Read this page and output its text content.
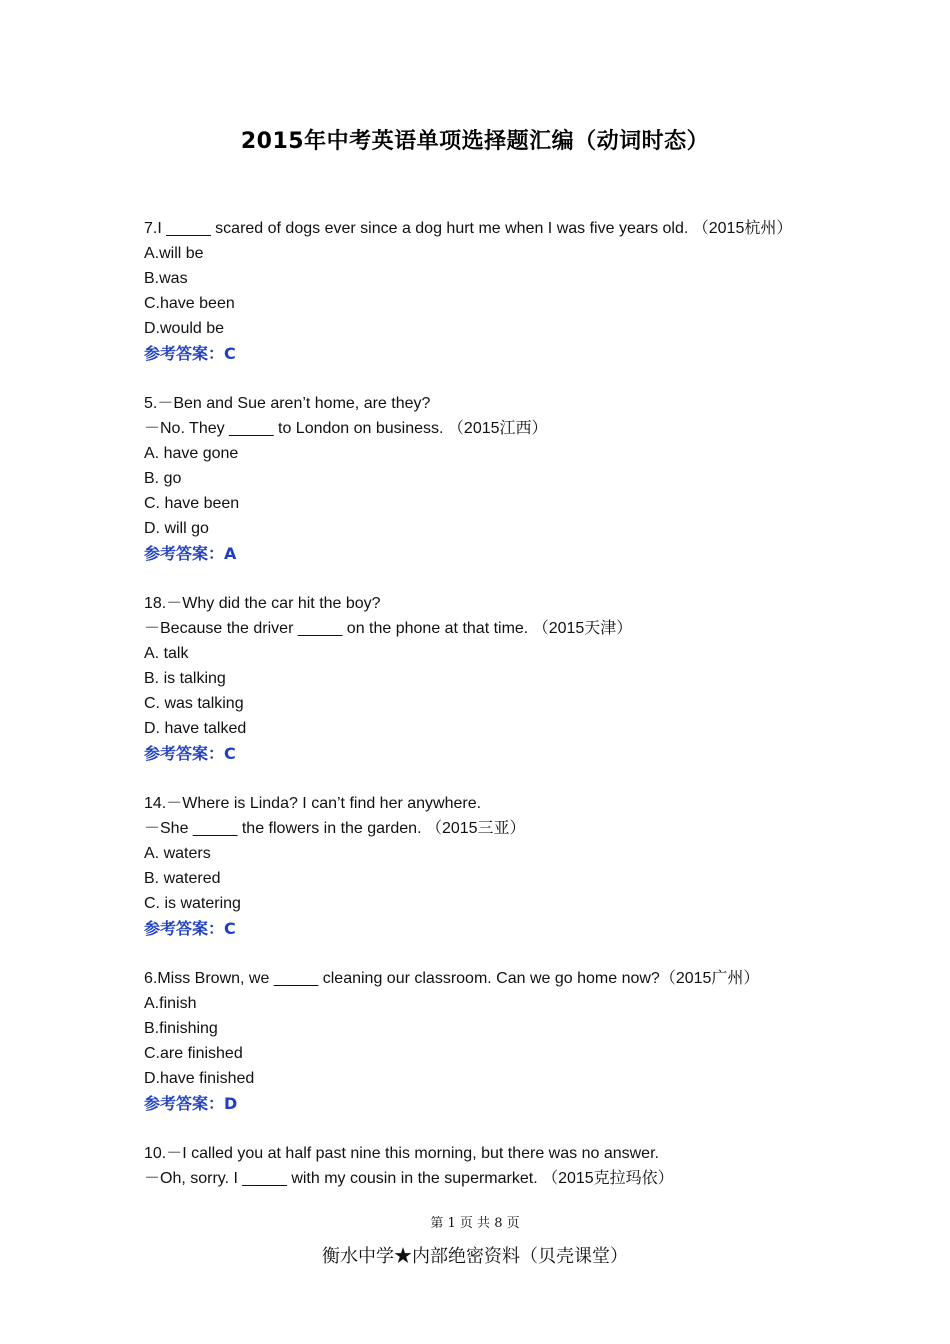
2015年中考英语单项选择题汇编（动词时态）
7.I _____ scared of dogs ever since a dog hurt me when I was five years old. （2015杭州）
A.will be
B.was
C.have been
D.would be
参考答案：C
5.－Ben and Sue aren’t home, are they?
－No. They _____ to London on business. （2015江西）
A. have gone
B. go
C. have been
D. will go
参考答案：A
18.－Why did the car hit the boy?
－Because the driver _____ on the phone at that time. （2015天津）
A. talk
B. is talking
C. was talking
D. have talked
参考答案：C
14.－Where is Linda? I can’t find her anywhere.
－She _____ the flowers in the garden. （2015三亚）
A. waters
B. watered
C. is watering
参考答案：C
6.Miss Brown, we _____ cleaning our classroom. Can we go home now?（2015广州）
A.finish
B.finishing
C.are finished
D.have finished
参考答案：D
10.－I called you at half past nine this morning, but there was no answer.
－Oh, sorry. I _____ with my cousin in the supermarket. （2015克拉玛依）
第 1 页 共 8 页
衡水中学★内部绝密资料（贝壳课堂）
